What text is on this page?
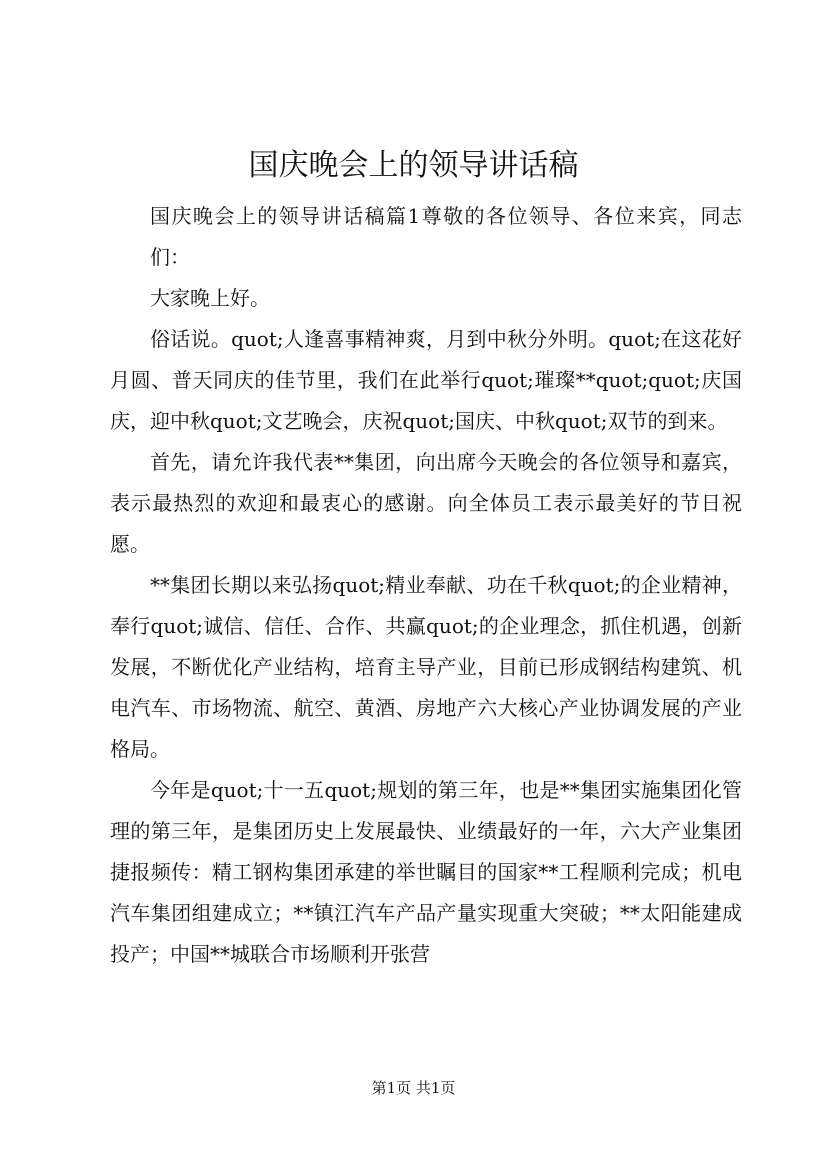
国庆晚会上的领导讲话稿

国庆晚会上的领导讲话稿篇1尊敬的各位领导、各位来宾，同志们：

大家晚上好。

俗话说。quot;人逢喜事精神爽，月到中秋分外明。quot;在这花好月圆、普天同庆的佳节里，我们在此举行quot;璀璨**quot;quot;庆国庆，迎中秋quot;文艺晚会，庆祝quot;国庆、中秋quot;双节的到来。

首先，请允许我代表**集团，向出席今天晚会的各位领导和嘉宾，表示最热烈的欢迎和最衷心的感谢。向全体员工表示最美好的节日祝愿。

**集团长期以来弘扬quot;精业奉献、功在千秋quot;的企业精神，奉行quot;诚信、信任、合作、共赢quot;的企业理念，抓住机遇，创新发展，不断优化产业结构，培育主导产业，目前已形成钢结构建筑、机电汽车、市场物流、航空、黄酒、房地产六大核心产业协调发展的产业格局。

今年是quot;十一五quot;规划的第三年，也是**集团实施集团化管理的第三年，是集团历史上发展最快、业绩最好的一年，六大产业集团捷报频传：精工钢构集团承建的举世瞩目的国家**工程顺利完成；机电汽车集团组建成立；**镇江汽车产品产量实现重大突破；**太阳能建成投产；中国**城联合市场顺利开张营

第1页 共1页
